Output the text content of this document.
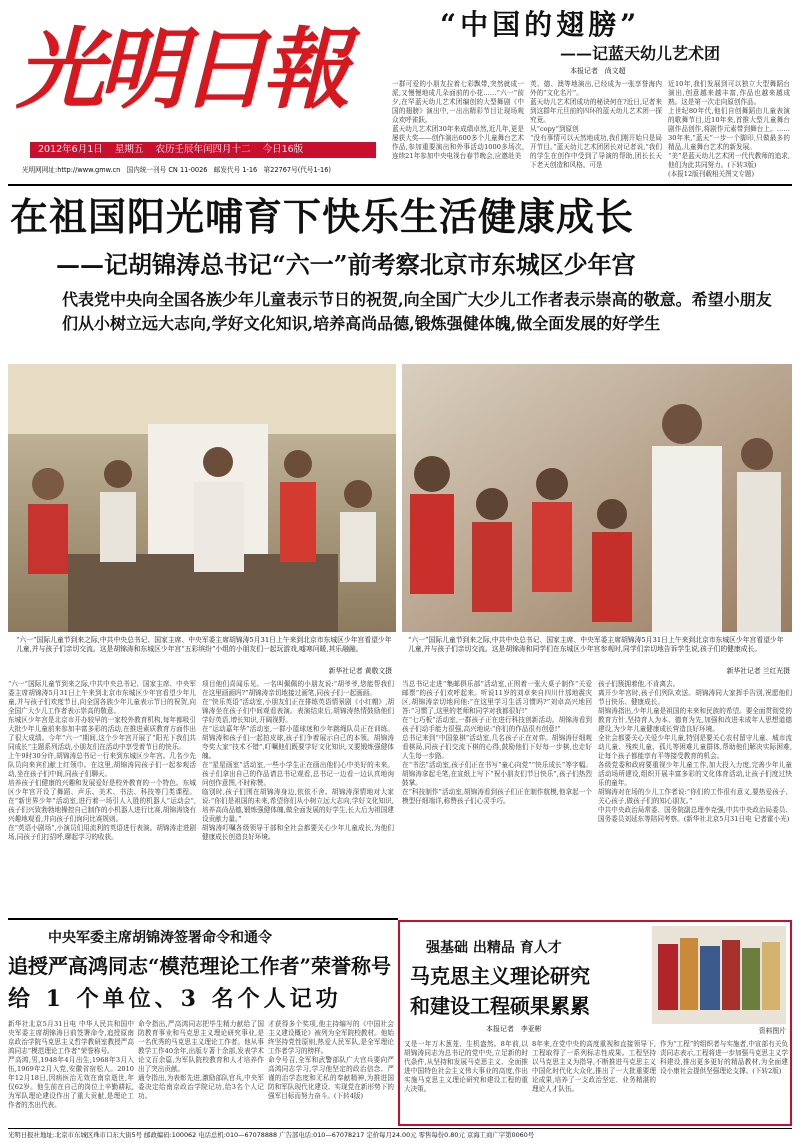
光明日報
2012年6月1日 星期五 农历壬辰年闰四月十二 今日16版
光明网网址:http://www.gmw.cn 国内统一刊号 CN 11-0026 邮发代号 1-16 第22767号(代号1-16)
“中国的翅膀”
——记蓝天幼儿艺术团
本报记者 尚文超
一群可爱的小朋友拉着七彩飘带,突然就成一派,又慢慢地成几朵面前的小花……“六一”前夕,在罕蓝天幼儿艺术团编创的大型舞剧《中国的翅膀》演出中,一出出精彩节目让现场观众欢呼雀跃。
蓝天幼儿艺术团30年来成绩卓然,近几年,更是屡获大奖——创作演出600多个儿童舞台艺术作品,参加重要演出和外事活动1000多场次,连续21年参加中央电视台春节晚会,应邀赴美
英、德、澳等地演出,已经成为一张享誉海内外的“文化名片”。
蓝天幼儿艺术团成功的秘诀何在?近日,记者来到这群年元旦前的四环的蓝天幼儿艺术团一探究竟。
从“copy”到原创
“没有事情可以天然地成功,我们刚开始只是局开节目。”蓝天幼儿艺术团团长对记者说,“我们的学生在创作中受到了导演的帮助,团长长天下老天创造和风格。可是
近10年,我们发展到可以独立大型舞蹈台演出,创意越来越丰富,作品也越来越成熟。这是第一次走向原创作品。
上世纪80年代,他们自创舞蹈由儿童表演的歌舞节目,近10年来,首推大型儿童舞台剧作品创作,将剧作元素带到舞台上。……30年来,“蓝天”一步一个脚印,只做最多的精品,儿童舞台艺术的新发展。
“美”是蓝天幼儿艺术团一代代教师的追求,他们为此共同努力。(下转3版)
(本报12版刊载相关图文专题)
在祖国阳光哺育下快乐生活健康成长
——记胡锦涛总书记“六一”前考察北京市东城区少年宫
代表党中央向全国各族少年儿童表示节日的祝贺,向全国广大少儿工作者表示崇高的敬意。希望小朋友们从小树立远大志向,学好文化知识,培养高尚品德,锻炼强健体魄,做全面发展的好学生
“六一”国际儿童节到来之际,中共中央总书记、国家主席、中央军委主席胡锦涛5月31日上午来到北京市东城区少年宫看望少年儿童,并与孩子们亲切交流。这是胡锦涛和东城区少年宫“五彩缤纷”小组的小朋友们一起玩游戏,嘘寒问暖,其乐融融。
新华社记者 黄敬文摄
“六一”国际儿童节到来之际,中共中央总书记、国家主席、中央军委主席胡锦涛5月31日上午来到北京市东城区少年宫看望少年儿童,并与孩子们亲切交流。这是胡锦涛和同学们在东城区少年宫参观时,同学们亲切地告诉学生说,孩子们的健康成长。
新华社记者 兰红光摄
“六一”国际儿童节到来之际,中共中央总书记、国家主席、中央军委主席胡锦涛5月31日上午来到北京市东城区少年宫看望少年儿童,并与孩子们欢度节日,向全国各族少年儿童表示节日的祝贺,向全国广大少儿工作者表示崇高的敬意。
东城区少年宫是北京市开办较早的一家校外教育机构,每年都吸引大批少年儿童前来参加丰富多彩的活动,在推进素质教育方面作出了很大成绩。今年“六一”期间,这个少年宫开展了“阳光下我们共同成长”主题系列活动,小朋友们在活动中享受着节日的快乐。
上午9时30分许,胡锦涛总书记一行来到东城区少年宫。几名少先队员向来宾们献上红领巾。在这里,胡锦涛同孩子们一起参观活动,坐在孩子们中间,同孩子们聊天。
培养孩子们健康的兴趣和发展爱好是校外教育的一个特色。东城区少年宫开设了舞蹈、声乐、美术、书法、科技等门类课程。在“新世界少年”活动室,进行着一场引人入胜的机器人“运动会”,孩子们兴致勃勃地操控自己制作的小机器人进行比赛,胡锦涛饶有兴趣地观看,并向孩子们询问比赛规则。
在“英语小剧场”,小演员们用流利的英语进行表演。胡锦涛走进剧场,同孩子们打招呼,聊起学习的收获。
项目他们喜闻乐见。一名叫佩佩的小朋友说:“胡爷爷,您能帮我们在这里画画吗?”胡锦涛亲切地接过画笔,同孩子们一起画画。
在“快乐英语”活动室,小朋友们正在排练英语情景剧《小红帽》,胡锦涛坐在孩子们中间观看表演。表演结束后,胡锦涛热情鼓励他们学好英语,增长知识,开阔视野。
在“运动嘉年华”活动室,一群小篮球迷和少年跳绳队员正在训练。胡锦涛和孩子们一起拍皮球,孩子们争着展示自己的本领。胡锦涛夸奖大家“技术不错”,叮嘱他们既要学好文化知识,又要锻炼强健体魄。
在“星星画室”活动室,一些小学生正在画出他们心中美好的未来。孩子们拿出自己的作品请总书记观看,总书记一边看一边认真地询问创作意图,不时称赞。
临别时,孩子们围在胡锦涛身边,依依不舍。胡锦涛深情地对大家说:“你们是祖国的未来,希望你们从小树立远大志向,学好文化知识,培养高尚品德,锻炼强健体魄,做全面发展的好学生,长大后为祖国建设贡献力量。”
胡锦涛叮嘱各级领导干部和全社会都要关心少年儿童成长,为他们健康成长创造良好环境。
当总书记走进“集邮俱乐部”活动室,正围着一张大桌子制作“关爱邮票”的孩子们欢呼起来。听说11岁的刘卓来自四川什邡地震灾区,胡锦涛亲切地问他:“在这里学习生活习惯吗?”刘卓高兴地回答:“习惯了,这里的老师和同学对我都很好!”
在“七巧板”活动室,一群孩子正在进行科技创新活动。胡锦涛看到孩子们动手能力很强,高兴地说:“你们的作品很有创意!”
总书记来到“中国象棋”活动室,几名孩子正在对弈。胡锦涛仔细观看棋局,同孩子们交流下棋的心得,鼓励他们下好每一步棋,也走好人生每一步路。
在“书法”活动室,孩子们正在书写“童心向党”“快乐成长”等字幅。胡锦涛拿起毛笔,在宣纸上写下“祝小朋友们节日快乐”,孩子们热烈鼓掌。
在“科技制作”活动室,胡锦涛看到孩子们正在制作航模,他拿起一个模型仔细端详,称赞孩子们心灵手巧。
孩子们簇拥着他,不肯离去。
离开少年宫时,孩子们列队欢送。胡锦涛同大家挥手告别,祝愿他们节日快乐、健康成长。
胡锦涛指出,少年儿童是祖国的未来和民族的希望。要全面贯彻党的教育方针,坚持育人为本、德育为先,加强和改进未成年人思想道德建设,为少年儿童健康成长营造良好环境。
全社会都要关心关爱少年儿童,特别是要关心农村留守儿童、城市流动儿童、残疾儿童、孤儿等困难儿童群体,帮助他们解决实际困难,让每个孩子都能享有平等接受教育的机会。
各级党委和政府要重视少年儿童工作,加大投入力度,完善少年儿童活动场所建设,组织开展丰富多彩的文化体育活动,让孩子们度过快乐的童年。
胡锦涛对在场的少儿工作者说:“你们的工作很有意义,要热爱孩子、关心孩子,做孩子们的知心朋友。”
中共中央政治局常委、国务院副总理李克强,中共中央政治局委员、国务委员刘延东等陪同考察。(新华社北京5月31日电 记者霍小光)
中央军委主席胡锦涛签署命令和通令
追授严高鸿同志“模范理论工作者”荣誉称号
给 1 个单位、3 名个人记功
新华社北京5月31日电 中华人民共和国中央军委主席胡锦涛日前签署命令,追授原南京政治学院马克思主义哲学教研室教授严高鸿同志“模范理论工作者”荣誉称号。
严高鸿,男,1948年4月出生,1968年3月入伍,1969年2月入党,安徽省宿松人。2010年12月18日,因病医治无效在南京逝世,年仅62岁。他生前在自己的岗位上辛勤耕耘,为军队理论建设作出了重大贡献,是理论工作者的杰出代表。
命令指出,严高鸿同志把毕生精力献给了国防教育事业和马克思主义理论研究事业,是一名优秀的马克思主义理论工作者。他从事教学工作40余年,出版专著十余部,发表学术论文百余篇,为军队院校教育和人才培养作出了突出贡献。
通令指出,为表彰先进,激励部队官兵,中央军委决定给南京政治学院记功,给3名个人记功。
才获得多个奖项,他主持编写的《中国社会主义建设概论》被列为全军院校教材。他始终坚持党性原则,热爱人民军队,是全军理论工作者学习的榜样。
命令号召,全军和武警部队广大官兵要向严高鸿同志学习,学习他坚定的政治信念、严谨的治学态度和无私的奉献精神,为推进国防和军队现代化建设、实现党在新形势下的强军目标而努力奋斗。(下转4版)
强基础 出精品 育人才
马克思主义理论研究
和建设工程硕果累累
本报记者 李亚彬	资料图片
又是一年万木葱茏、生机盎然。8年前,以胡锦涛同志为总书记的党中央,立足新的时代条件,从坚持和发展马克思主义、全面推进中国特色社会主义伟大事业的高度,作出实施马克思主义理论研究和建设工程的重大决策。
8年来,在党中央的高度重视和直接领导下,工程取得了一系列标志性成果。工程坚持以马克思主义为指导,不断推进马克思主义中国化时代化大众化,推出了一大批重要理论成果,培养了一支政治坚定、业务精湛的理论人才队伍。
作为“工程”的组织者与实施者,中宣部有关负责同志表示,工程将进一步加强马克思主义学科建设,推出更多更好的精品教材,为全面建设小康社会提供坚强理论支撑。(下转2版)
光明日报社地址:北京市东城区珠市口东大街5号 邮政编码:100062 电话总机:010—67078888 广告部电话:010—67078217 定价每月24.00元 零售每份0.80元 京海工商广字第0060号
